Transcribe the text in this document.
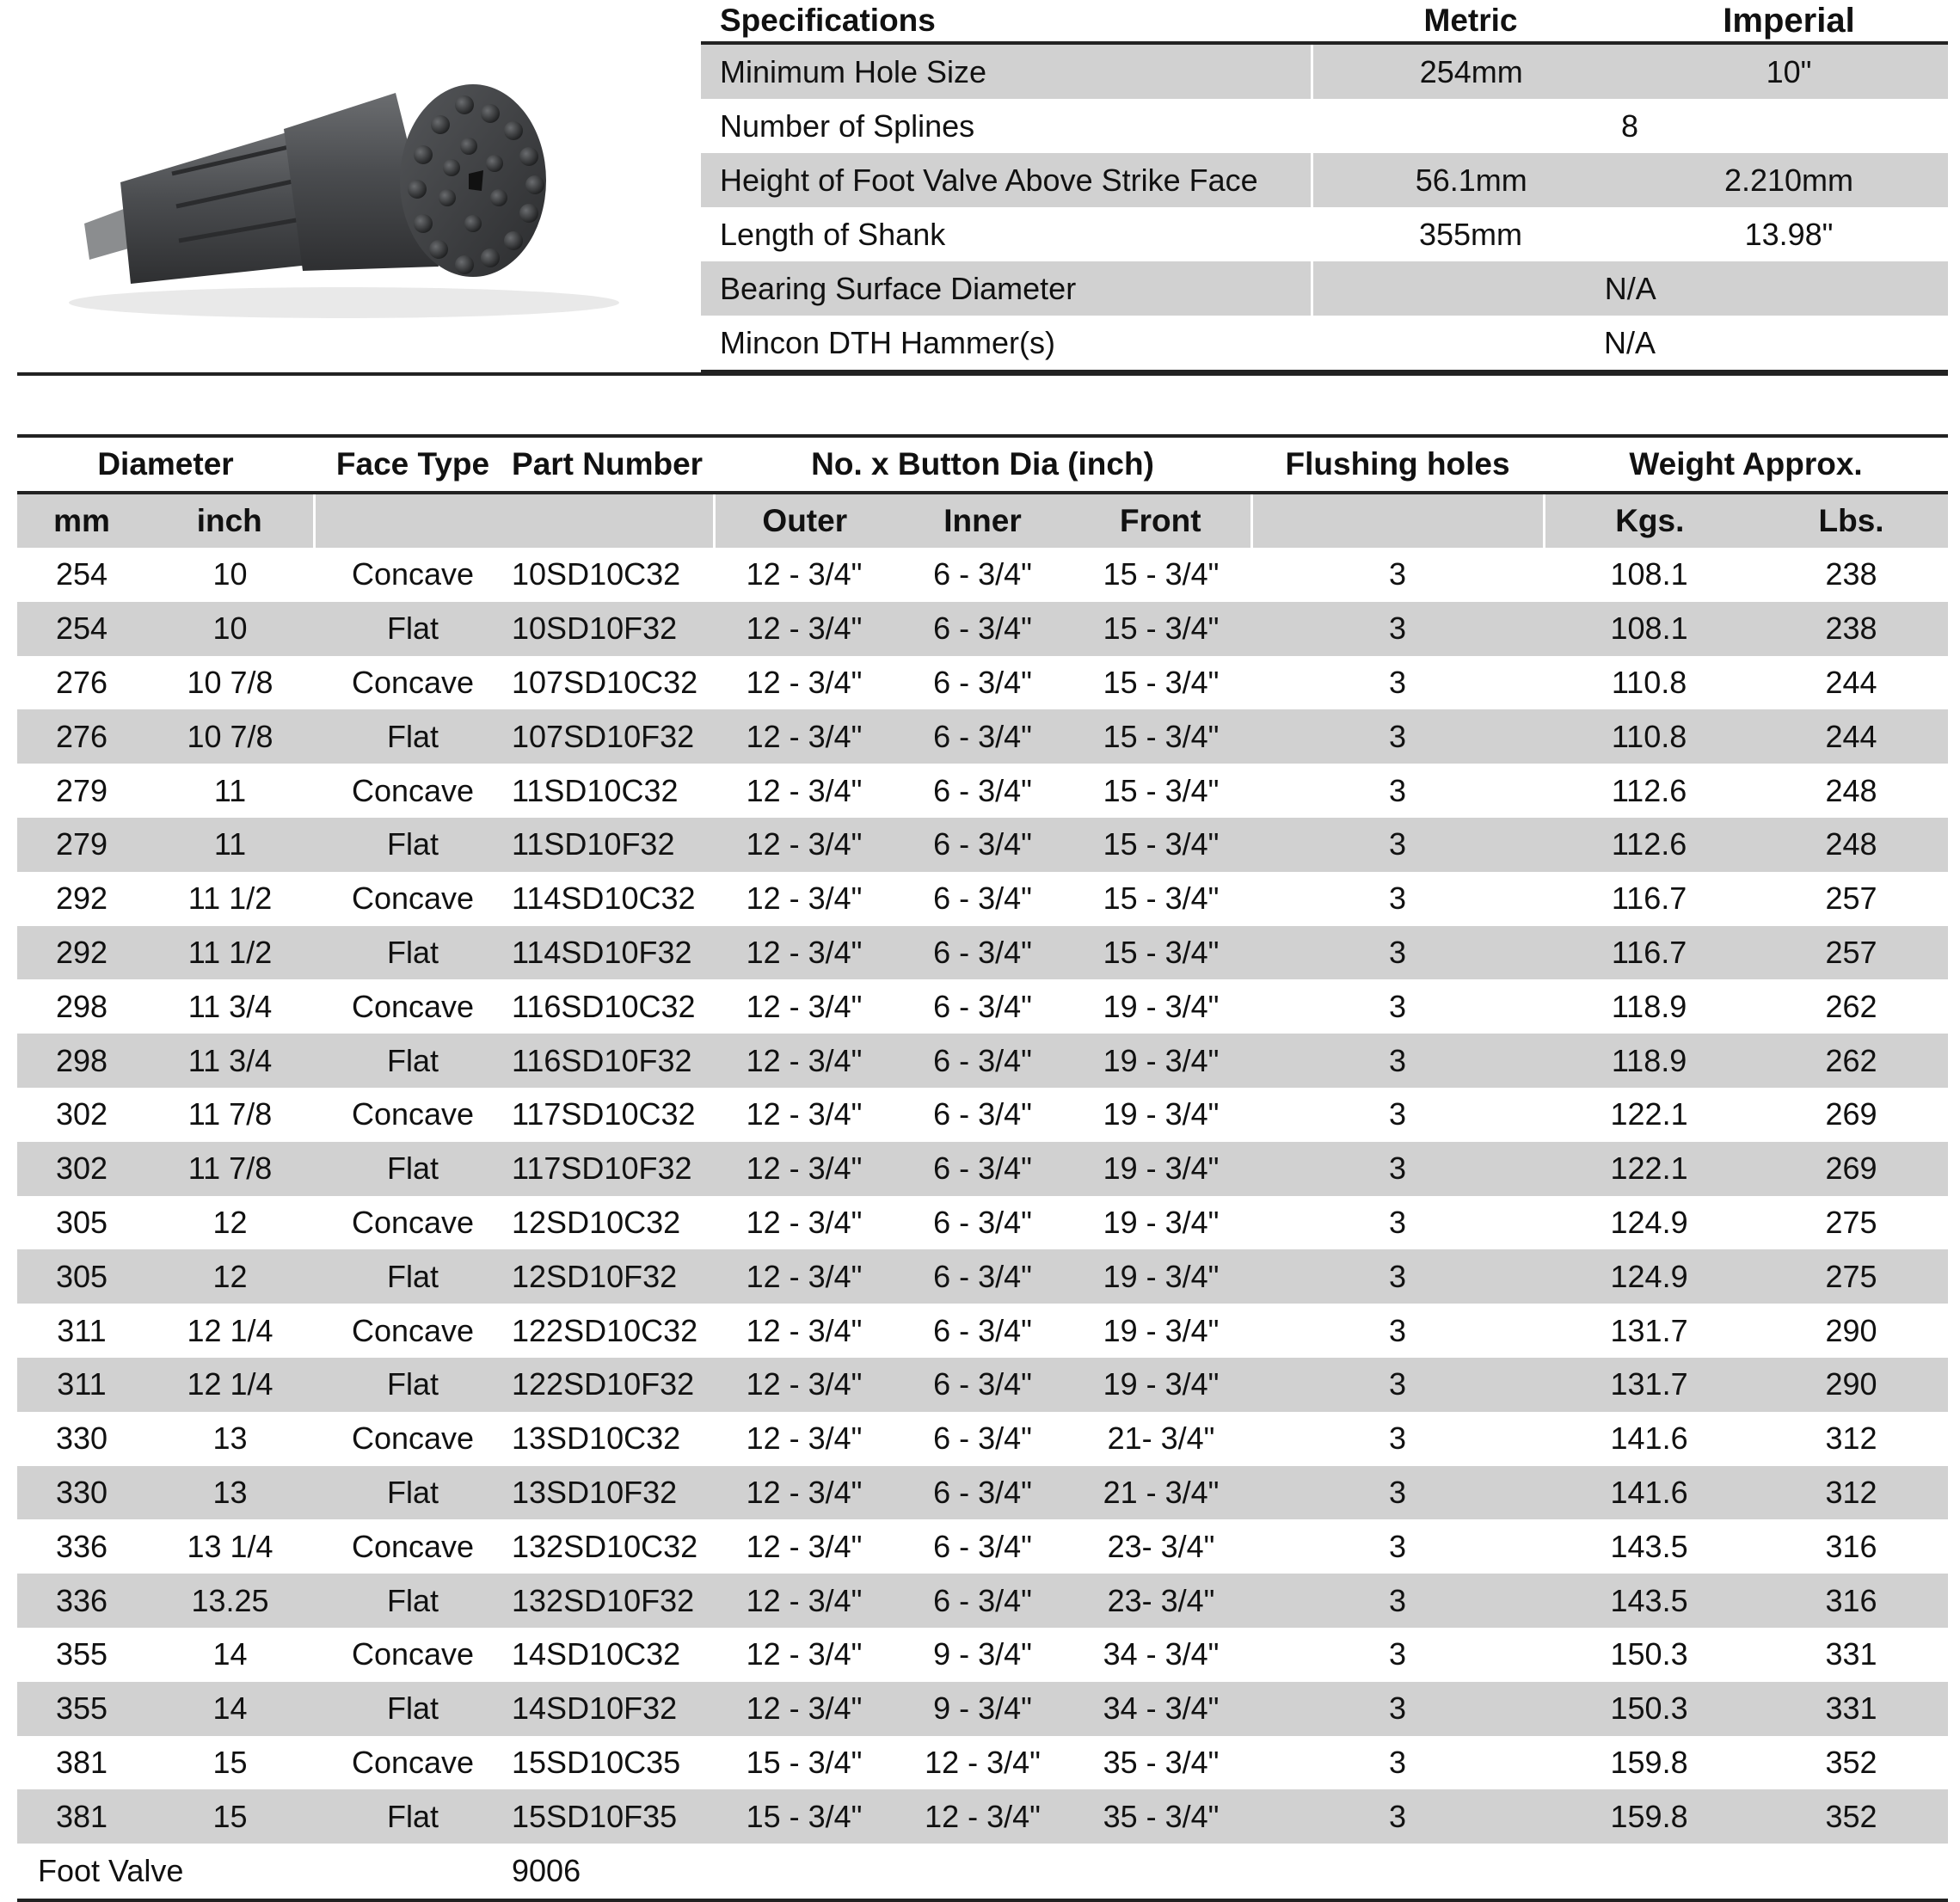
Specifications	Metric	Imperial
Minimum Hole Size	254mm	10"
Number of Splines	8	
Height of Foot Valve Above Strike Face	56.1mm	2.210mm
Length of Shank	355mm	13.98"
Bearing Surface Diameter	N/A	
Mincon DTH Hammer(s)	N/A	
Diameter		Face Type	Part Number	No. x Button Dia (inch)			Flushing holes	Weight Approx.	
mm	inch			Outer	Inner	Front		Kgs.	Lbs.
254	10	Concave	10SD10C32	12 - 3/4"	6 - 3/4"	15 - 3/4"	3	108.1	238
254	10	Flat	10SD10F32	12 - 3/4"	6 - 3/4"	15 - 3/4"	3	108.1	238
276	10 7/8	Concave	107SD10C32	12 - 3/4"	6 - 3/4"	15 - 3/4"	3	110.8	244
276	10 7/8	Flat	107SD10F32	12 - 3/4"	6 - 3/4"	15 - 3/4"	3	110.8	244
279	11	Concave	11SD10C32	12 - 3/4"	6 - 3/4"	15 - 3/4"	3	112.6	248
279	11	Flat	11SD10F32	12 - 3/4"	6 - 3/4"	15 - 3/4"	3	112.6	248
292	11 1/2	Concave	114SD10C32	12 - 3/4"	6 - 3/4"	15 - 3/4"	3	116.7	257
292	11 1/2	Flat	114SD10F32	12 - 3/4"	6 - 3/4"	15 - 3/4"	3	116.7	257
298	11 3/4	Concave	116SD10C32	12 - 3/4"	6 - 3/4"	19 - 3/4"	3	118.9	262
298	11 3/4	Flat	116SD10F32	12 - 3/4"	6 - 3/4"	19 - 3/4"	3	118.9	262
302	11 7/8	Concave	117SD10C32	12 - 3/4"	6 - 3/4"	19 - 3/4"	3	122.1	269
302	11 7/8	Flat	117SD10F32	12 - 3/4"	6 - 3/4"	19 - 3/4"	3	122.1	269
305	12	Concave	12SD10C32	12 - 3/4"	6 - 3/4"	19 - 3/4"	3	124.9	275
305	12	Flat	12SD10F32	12 - 3/4"	6 - 3/4"	19 - 3/4"	3	124.9	275
311	12 1/4	Concave	122SD10C32	12 - 3/4"	6 - 3/4"	19 - 3/4"	3	131.7	290
311	12 1/4	Flat	122SD10F32	12 - 3/4"	6 - 3/4"	19 - 3/4"	3	131.7	290
330	13	Concave	13SD10C32	12 - 3/4"	6 - 3/4"	21- 3/4"	3	141.6	312
330	13	Flat	13SD10F32	12 - 3/4"	6 - 3/4"	21 - 3/4"	3	141.6	312
336	13 1/4	Concave	132SD10C32	12 - 3/4"	6 - 3/4"	23- 3/4"	3	143.5	316
336	13.25	Flat	132SD10F32	12 - 3/4"	6 - 3/4"	23- 3/4"	3	143.5	316
355	14	Concave	14SD10C32	12 - 3/4"	9 - 3/4"	34 - 3/4"	3	150.3	331
355	14	Flat	14SD10F32	12 - 3/4"	9 - 3/4"	34 - 3/4"	3	150.3	331
381	15	Concave	15SD10C35	15 - 3/4"	12 - 3/4"	35 - 3/4"	3	159.8	352
381	15	Flat	15SD10F35	15 - 3/4"	12 - 3/4"	35 - 3/4"	3	159.8	352
Foot Valve			9006						
